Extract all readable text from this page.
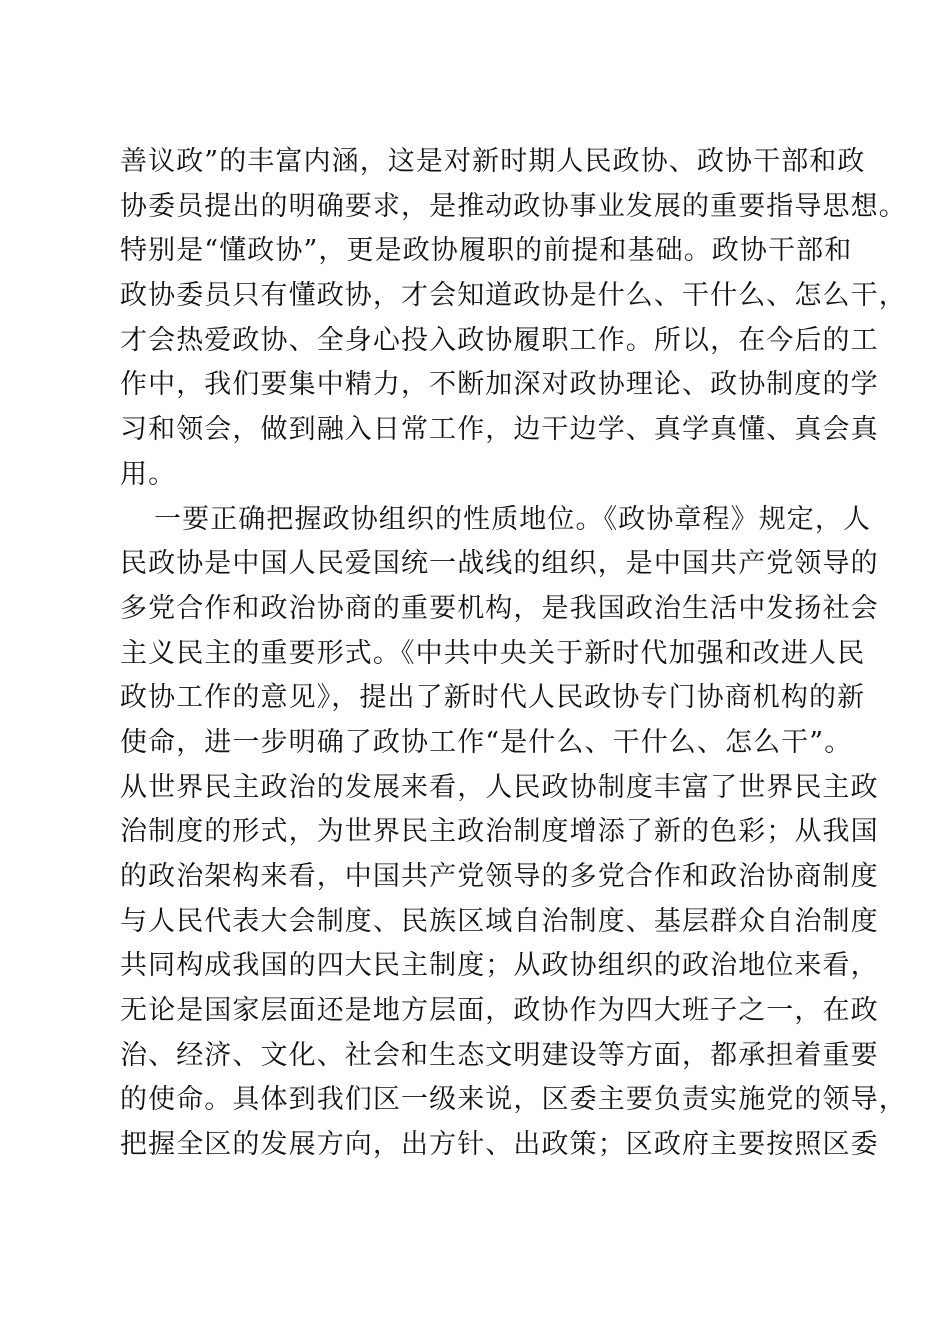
善议政”的丰富内涵，这是对新时期人民政协、政协干部和政
协委员提出的明确要求，是推动政协事业发展的重要指导思想。
特别是“懂政协”，更是政协履职的前提和基础。政协干部和
政协委员只有懂政协，才会知道政协是什么、干什么、怎么干，
才会热爱政协、全身心投入政协履职工作。所以，在今后的工
作中，我们要集中精力，不断加深对政协理论、政协制度的学
习和领会，做到融入日常工作，边干边学、真学真懂、真会真
用。
一要正确把握政协组织的性质地位。《政协章程》规定，人
民政协是中国人民爱国统一战线的组织，是中国共产党领导的
多党合作和政治协商的重要机构，是我国政治生活中发扬社会
主义民主的重要形式。《中共中央关于新时代加强和改进人民
政协工作的意见》，提出了新时代人民政协专门协商机构的新
使命，进一步明确了政协工作“是什么、干什么、怎么干”。
从世界民主政治的发展来看，人民政协制度丰富了世界民主政
治制度的形式，为世界民主政治制度增添了新的色彩；从我国
的政治架构来看，中国共产党领导的多党合作和政治协商制度
与人民代表大会制度、民族区域自治制度、基层群众自治制度
共同构成我国的四大民主制度；从政协组织的政治地位来看，
无论是国家层面还是地方层面，政协作为四大班子之一，在政
治、经济、文化、社会和生态文明建设等方面，都承担着重要
的使命。具体到我们区一级来说，区委主要负责实施党的领导，
把握全区的发展方向，出方针、出政策；区政府主要按照区委
